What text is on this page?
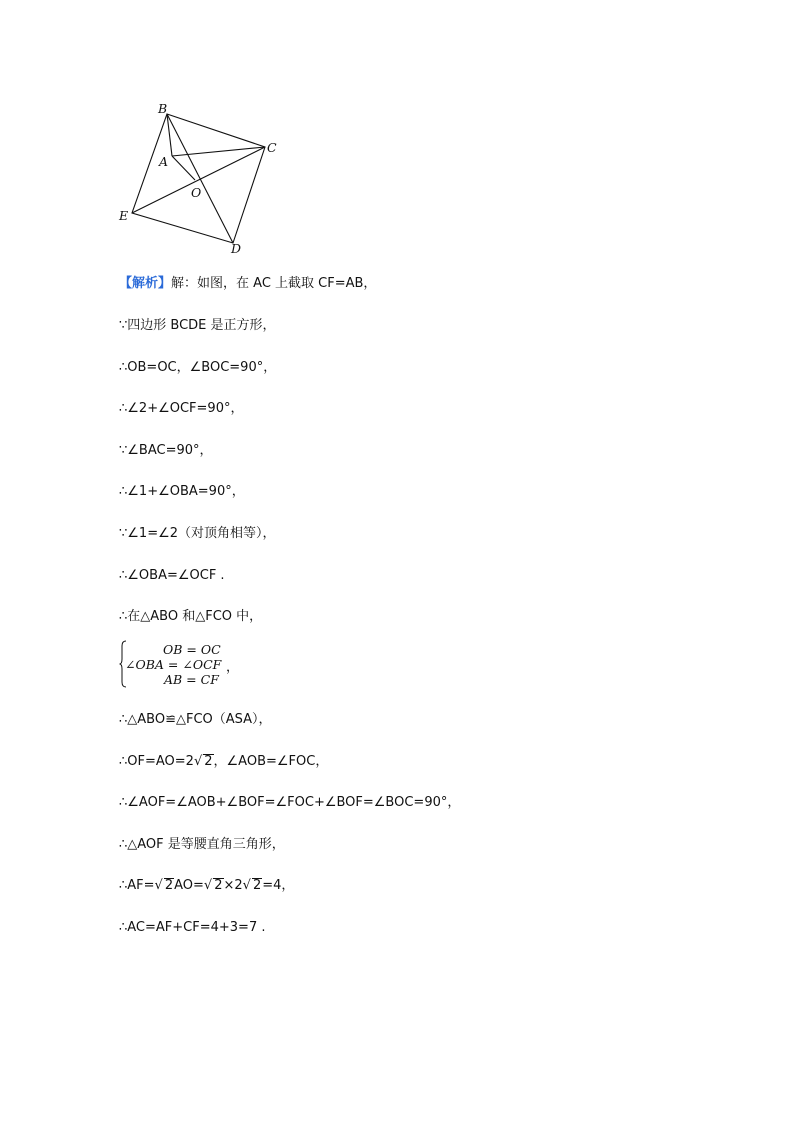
B
C
A
O
E
D
【解析】解：如图，在 AC 上截取 CF=AB，
∵四边形 BCDE 是正方形，
∴OB=OC，∠BOC=90°，
∴∠2+∠OCF=90°，
∵∠BAC=90°，
∴∠1+∠OBA=90°，
∵∠1=∠2（对顶角相等），
∴∠OBA=∠OCF .
∴在△ABO 和△FCO 中，
OB = OC
∠OBA = ∠OCF
AB = CF
，
∴△ABO≌△FCO（ASA），
∴OF=AO=2√ 2，∠AOB=∠FOC，
∴∠AOF=∠AOB+∠BOF=∠FOC+∠BOF=∠BOC=90°，
∴△AOF 是等腰直角三角形，
∴AF=√ 2AO=√ 2×2√ 2=4，
∴AC=AF+CF=4+3=7 .
